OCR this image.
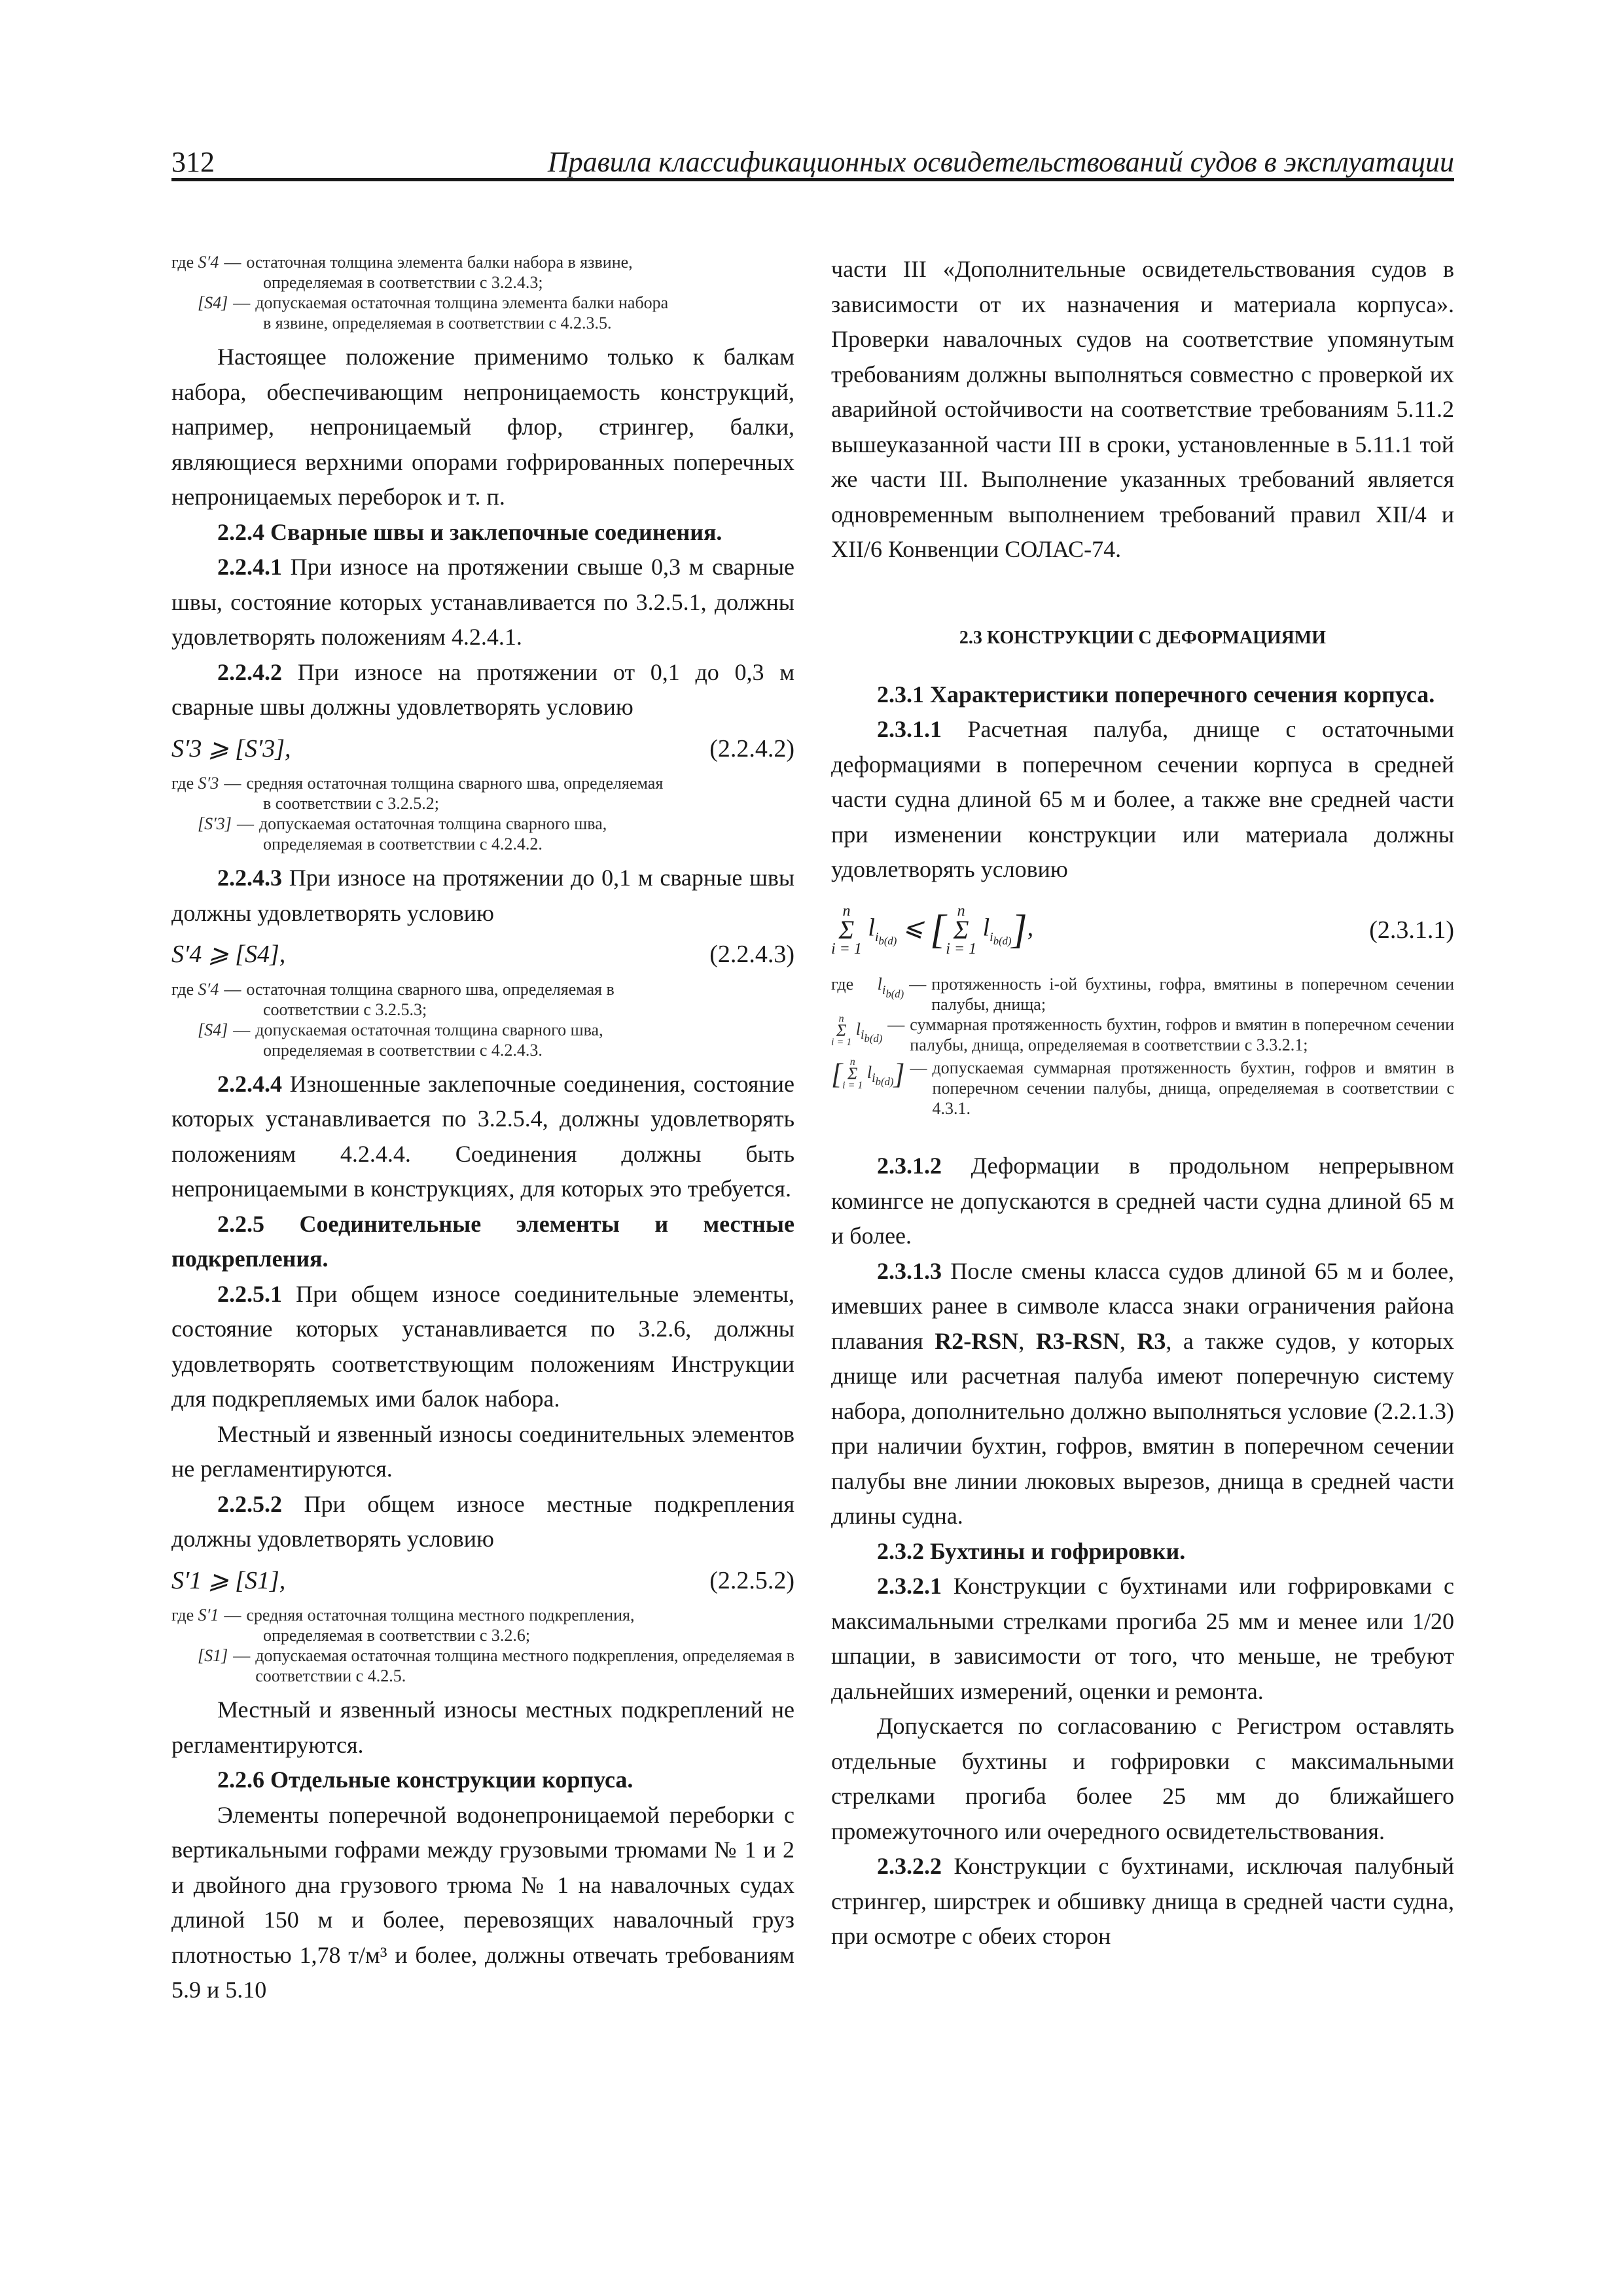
312	Правила классификационных освидетельствований судов в эксплуатации
где S′4 — остаточная толщина элемента балки набора в язвине,
определяемая в соответствии с 3.2.4.3;
[S4] — допускаемая остаточная толщина элемента балки набора
в язвине, определяемая в соответствии с 4.2.3.5.

Настоящее положение применимо только к балкам набора, обеспечивающим непроницаемость конструкций, например, непроницаемый флор, стрингер, балки, являющиеся верхними опорами гофрированных поперечных непроницаемых переборок и т. п.

2.2.4 Сварные швы и заклепочные соединения.

2.2.4.1 При износе на протяжении свыше 0,3 м сварные швы, состояние которых устанавливается по 3.2.5.1, должны удовлетворять положениям 4.2.4.1.

2.2.4.2 При износе на протяжении от 0,1 до 0,3 м сварные швы должны удовлетворять условию

S′3 ⩾ [S′3],	(2.2.4.2)
где S′3 — средняя остаточная толщина сварного шва, определяемая
в соответствии с 3.2.5.2;
[S′3] — допускаемая остаточная толщина сварного шва,
определяемая в соответствии с 4.2.4.2.

2.2.4.3 При износе на протяжении до 0,1 м сварные швы должны удовлетворять условию

S′4 ⩾ [S4],	(2.2.4.3)
где S′4 — остаточная толщина сварного шва, определяемая в
соответствии с 3.2.5.3;
[S4] — допускаемая остаточная толщина сварного шва,
определяемая в соответствии с 4.2.4.3.

2.2.4.4 Изношенные заклепочные соединения, состояние которых устанавливается по 3.2.5.4, должны удовлетворять положениям 4.2.4.4. Соединения должны быть непроницаемыми в конструкциях, для которых это требуется.

2.2.5 Соединительные элементы и местные подкрепления.

2.2.5.1 При общем износе соединительные элементы, состояние которых устанавливается по 3.2.6, должны удовлетворять соответствующим положениям Инструкции для подкрепляемых ими балок набора.

Местный и язвенный износы соединительных элементов не регламентируются.

2.2.5.2 При общем износе местные подкрепления должны удовлетворять условию

S′1 ⩾ [S1],	(2.2.5.2)
где S′1 — средняя остаточная толщина местного подкрепления,
определяемая в соответствии с 3.2.6;
[S1] — допускаемая остаточная толщина местного подкрепления, определяемая в соответствии с 4.2.5.

Местный и язвенный износы местных подкреплений не регламентируются.

2.2.6 Отдельные конструкции корпуса.

Элементы поперечной водонепроницаемой переборки с вертикальными гофрами между грузовыми трюмами № 1 и 2 и двойного дна грузового трюма № 1 на навалочных судах длиной 150 м и более, перевозящих навалочный груз плотностью 1,78 т/м³ и более, должны отвечать требованиям 5.9 и 5.10

части III «Дополнительные освидетельствования судов в зависимости от их назначения и материала корпуса». Проверки навалочных судов на соответствие упомянутым требованиям должны выполняться совместно с проверкой их аварийной остойчивости на соответствие требованиям 5.11.2 вышеуказанной части III в сроки, установленные в 5.11.1 той же части III. Выполнение указанных требований является одновременным выполнением требований правил XII/4 и XII/6 Конвенции СОЛАС-74.

2.3 КОНСТРУКЦИИ С ДЕФОРМАЦИЯМИ

2.3.1 Характеристики поперечного сечения корпуса.

2.3.1.1 Расчетная палуба, днище с остаточными деформациями в поперечном сечении корпуса в средней части судна длиной 65 м и более, а также вне средней части при изменении конструкции или материала должны удовлетворять условию

n
Σ
i = 1
$l_{i_{b(d)}}$ ⩽ [ n
Σ
i = 1
$l_{i_{b(d)}}$],	(2.3.1.1)
где $l_{i_{b(d)}}$ — протяженность i-ой бухтины, гофра, вмятины в поперечном сечении палубы, днища;
n
Σ
i = 1
$l_{i_{b(d)}}$
— суммарная протяженность бухтин, гофров и вмятин в поперечном сечении палубы, днища, определяемая в соответствии с 3.3.2.1;
[ n
Σ
i = 1
$l_{i_{b(d)}}$] — допускаемая суммарная протяженность бухтин, гофров и вмятин в поперечном сечении палубы, днища, определяемая в соответствии с 4.3.1.

2.3.1.2 Деформации в продольном непрерывном комингсе не допускаются в средней части судна длиной 65 м и более.

2.3.1.3 После смены класса судов длиной 65 м и более, имевших ранее в символе класса знаки ограничения района плавания R2-RSN, R3-RSN, R3, а также судов, у которых днище или расчетная палуба имеют поперечную систему набора, дополнительно должно выполняться условие (2.2.1.3) при наличии бухтин, гофров, вмятин в поперечном сечении палубы вне линии люковых вырезов, днища в средней части длины судна.

2.3.2 Бухтины и гофрировки.

2.3.2.1 Конструкции с бухтинами или гофрировками с максимальными стрелками прогиба 25 мм и менее или 1/20 шпации, в зависимости от того, что меньше, не требуют дальнейших измерений, оценки и ремонта.

Допускается по согласованию с Регистром оставлять отдельные бухтины и гофрировки с максимальными стрелками прогиба более 25 мм до ближайшего промежуточного или очередного освидетельствования.

2.3.2.2 Конструкции с бухтинами, исключая палубный стрингер, ширстрек и обшивку днища в средней части судна, при осмотре с обеих сторон
